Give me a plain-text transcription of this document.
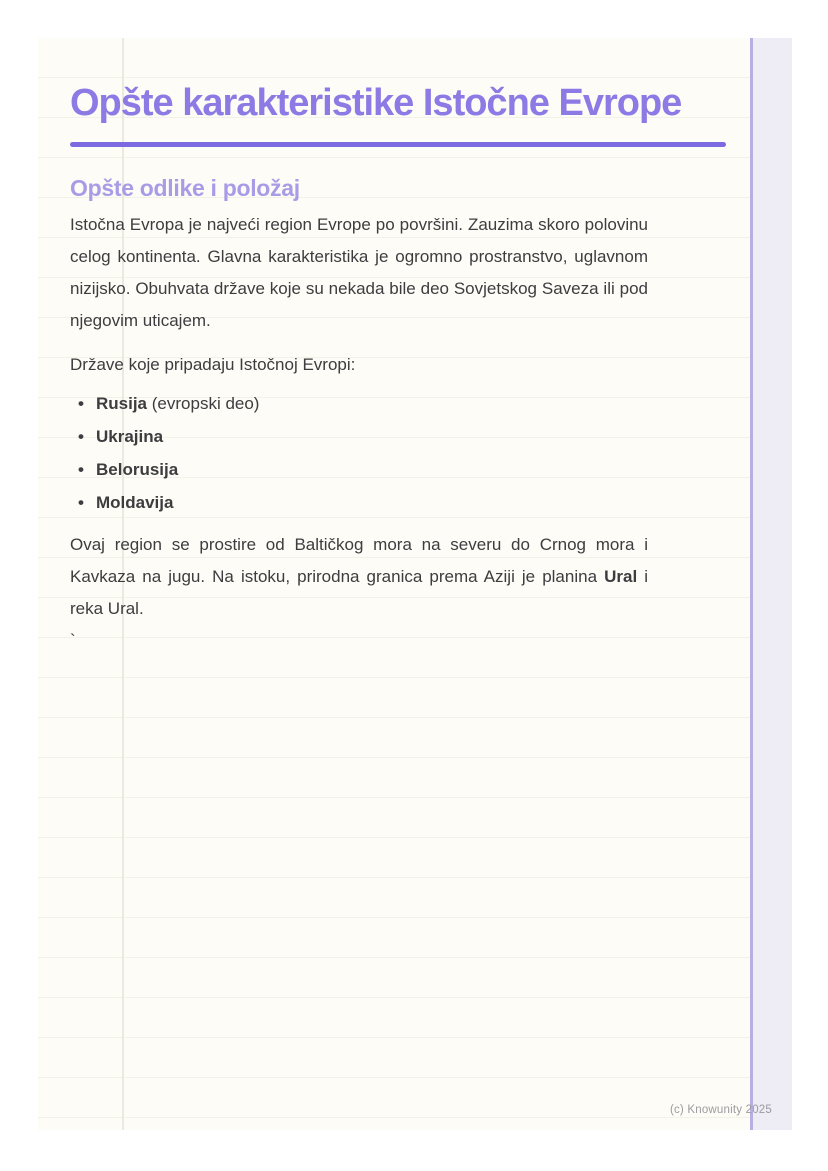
Opšte karakteristike Istočne Evrope
Opšte odlike i položaj

Istočna Evropa je najveći region Evrope po površini. Zauzima skoro polovinu celog kontinenta. Glavna karakteristika je ogromno prostranstvo, uglavnom nizijsko. Obuhvata države koje su nekada bile deo Sovjetskog Saveza ili pod njegovim uticajem.

Države koje pripadaju Istočnoj Evropi:

• Rusija (evropski deo)
• Ukrajina
• Belorusija
• Moldavija

Ovaj region se prostire od Baltičkog mora na severu do Crnog mora i Kavkaza na jugu. Na istoku, prirodna granica prema Aziji je planina Ural i reka Ural.

`

(c) Knowunity 2025
